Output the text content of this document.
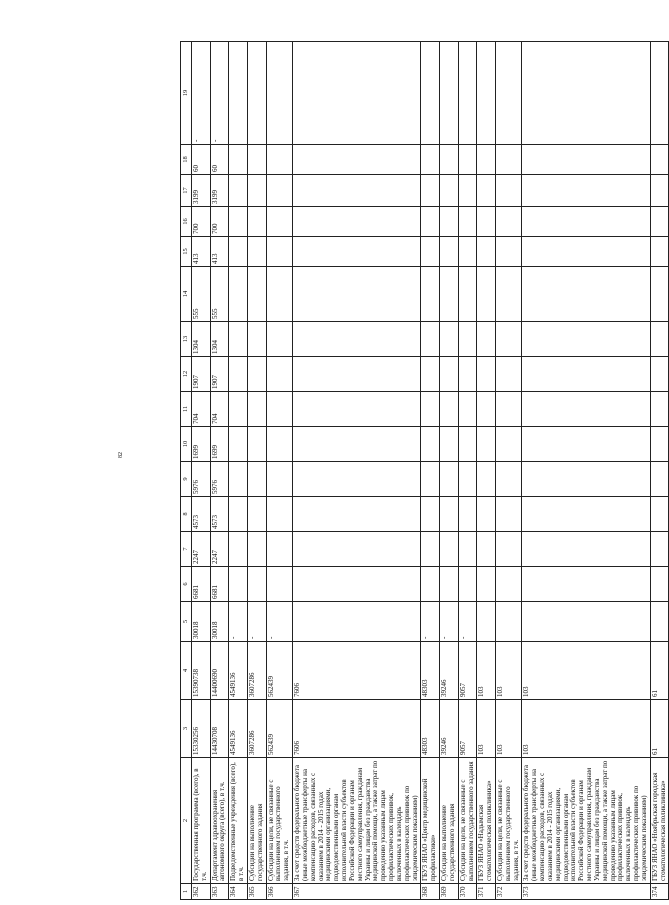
82
1	2	3	4	5	6	7	8	9	10	11	12	13	14	15	16	17	18	19
362	Государственная программа (всего), в т.ч.	15330256	15390738	30018	6681	2247	4573	5976	1699	704	1907	1304	555	413	700	3199	60	-
363	Департамент здравоохранения автономного округа (всего), в т.ч.	14430708	14400690	30018	6681	2247	4573	5976	1699	704	1907	1304	555	413	700	3199	60	-
364	Подведомственные учреждения (всего), в т.ч.	4549136	4549136	-														
365	Субсидии на выполнение государственного задания	3607286	3607286	-														
366	Субсидии на цели, не связанные с выполнением государственного задания, в т.ч.	562439	562439	-														
367	За счет средств федерального бюджета (иные межбюджетные трансферты на компенсацию расходов, связанных с оказанием в 2014 - 2015 годах медицинскими организациями, подведомственными органам исполнительной власти субъектов Российской Федерации и органам местного самоуправления, гражданам Украины и лицам без гражданства медицинской помощи, а также затрат по проведению указанным лицам профилактических прививок, включенных в календарь профилактических прививок по эпидемическим показаниям)	7606	7606															
368	ГБУЗ ЯНАО «Центр медицинской профилактики»	48303	48303	-														
369	Субсидии на выполнение государственного задания	39246	39246	-														
370	Субсидии на цели, не связанные с выполнением государственного задания	9057	9057	-														
371	ГБУЗ ЯНАО «Надымская стоматологическая поликлиника»	103	103															
372	Субсидии на цели, не связанные с выполнением государственного задания, в т.ч.	103	103															
373	За счет средств федерального бюджета (иные межбюджетные трансферты на компенсацию расходов, связанных с оказанием в 2014 - 2015 годах медицинскими организациями, подведомственными органам исполнительной власти субъектов Российской Федерации и органам местного самоуправления, гражданам Украины и лицам без гражданства медицинской помощи, а также затрат по проведению указанным лицам профилактических прививок, включенных в календарь профилактических прививок по эпидемическим показаниям)	103	103															
374	ГБУЗ ЯНАО «Ноябрьская городская стоматологическая поликлиника»	61	61															
